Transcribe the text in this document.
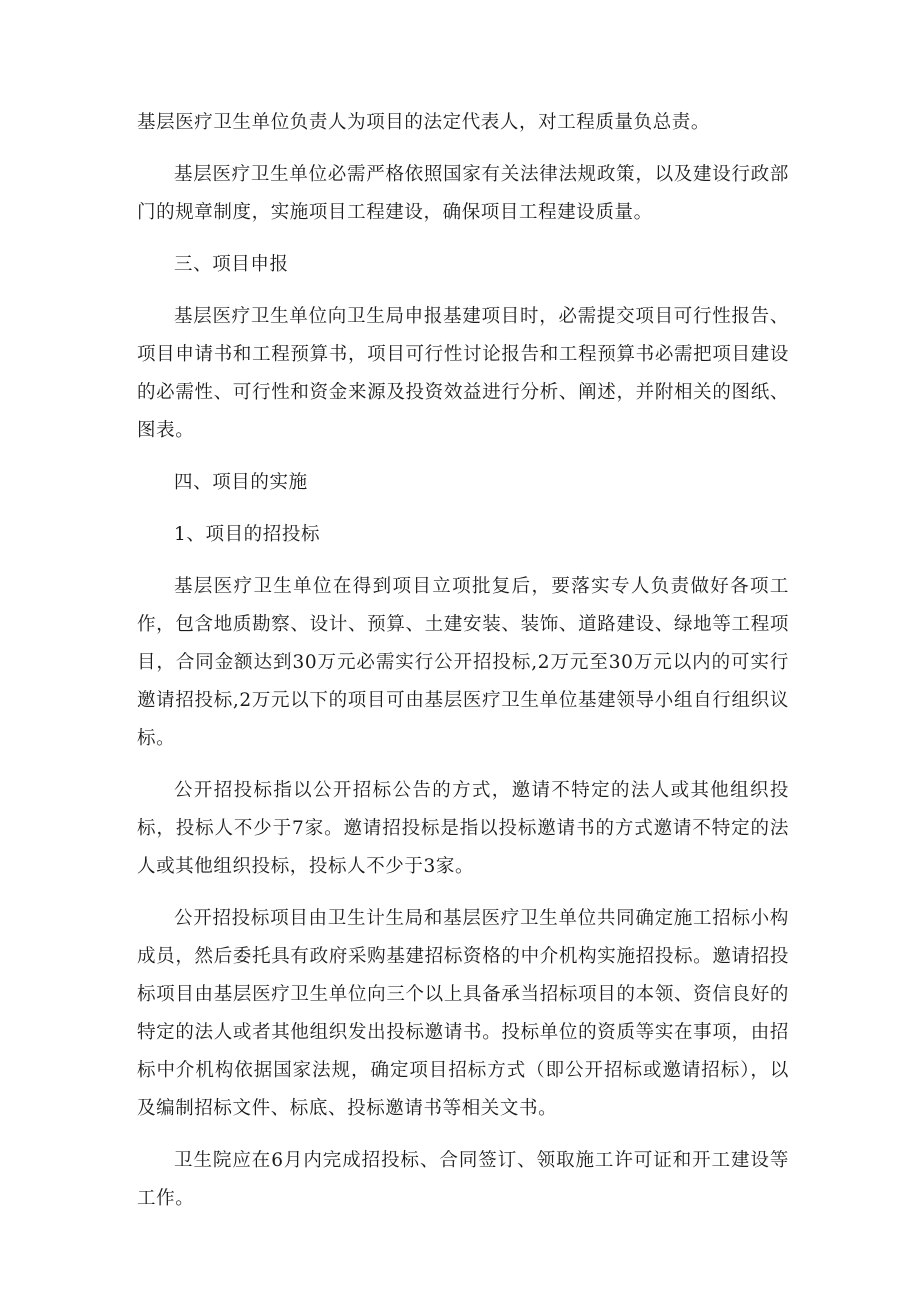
基层医疗卫生单位负责人为项目的法定代表人，对工程质量负总责。

基层医疗卫生单位必需严格依照国家有关法律法规政策，以及建设行政部门的规章制度，实施项目工程建设，确保项目工程建设质量。

三、项目申报

基层医疗卫生单位向卫生局申报基建项目时，必需提交项目可行性报告、项目申请书和工程预算书，项目可行性讨论报告和工程预算书必需把项目建设的必需性、可行性和资金来源及投资效益进行分析、阐述，并附相关的图纸、图表。

四、项目的实施

1、项目的招投标

基层医疗卫生单位在得到项目立项批复后，要落实专人负责做好各项工作，包含地质勘察、设计、预算、土建安装、装饰、道路建设、绿地等工程项目，合同金额达到30万元必需实行公开招投标,2万元至30万元以内的可实行邀请招投标,2万元以下的项目可由基层医疗卫生单位基建领导小组自行组织议标。

公开招投标指以公开招标公告的方式，邀请不特定的法人或其他组织投标，投标人不少于7家。邀请招投标是指以投标邀请书的方式邀请不特定的法人或其他组织投标，投标人不少于3家。

公开招投标项目由卫生计生局和基层医疗卫生单位共同确定施工招标小构成员，然后委托具有政府采购基建招标资格的中介机构实施招投标。邀请招投标项目由基层医疗卫生单位向三个以上具备承当招标项目的本领、资信良好的特定的法人或者其他组织发出投标邀请书。投标单位的资质等实在事项，由招标中介机构依据国家法规，确定项目招标方式（即公开招标或邀请招标），以及编制招标文件、标底、投标邀请书等相关文书。

卫生院应在6月内完成招投标、合同签订、领取施工许可证和开工建设等工作。
